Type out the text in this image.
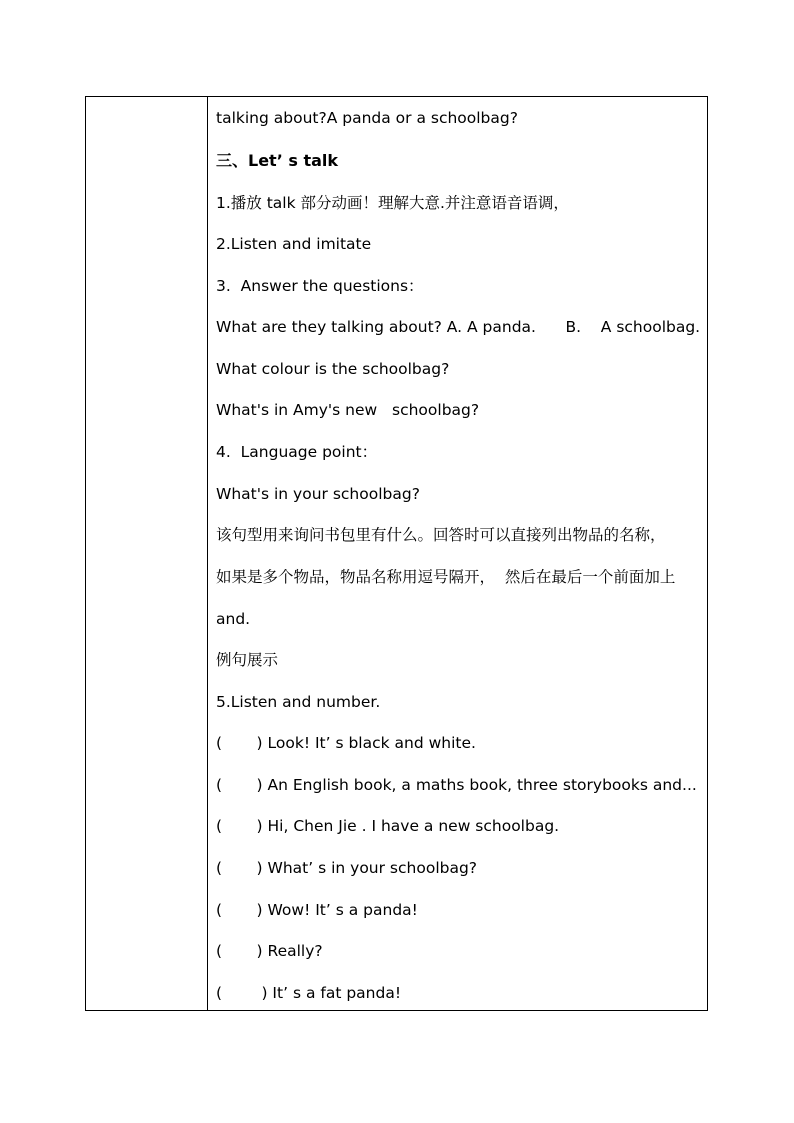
talking about?A panda or a schoolbag?
三、Let’ s talk
1.播放 talk 部分动画！理解大意.并注意语音语调，
2.Listen and imitate
3.  Answer the questions：
What are they talking about? A. A panda.      B.    A schoolbag.
What colour is the schoolbag?
What's in Amy's new   schoolbag?
4.  Language point：
What's in your schoolbag?
该句型用来询问书包里有什么。回答时可以直接列出物品的名称，
如果是多个物品，物品名称用逗号隔开，  然后在最后一个前面加上
and.
例句展示
5.Listen and number.
(       ) Look! It’ s black and white.
(       ) An English book, a maths book, three storybooks and...
(       ) Hi, Chen Jie . I have a new schoolbag.
(       ) What’ s in your schoolbag?
(       ) Wow! It’ s a panda!
(       ) Really?
(        ) It’ s a fat panda!
